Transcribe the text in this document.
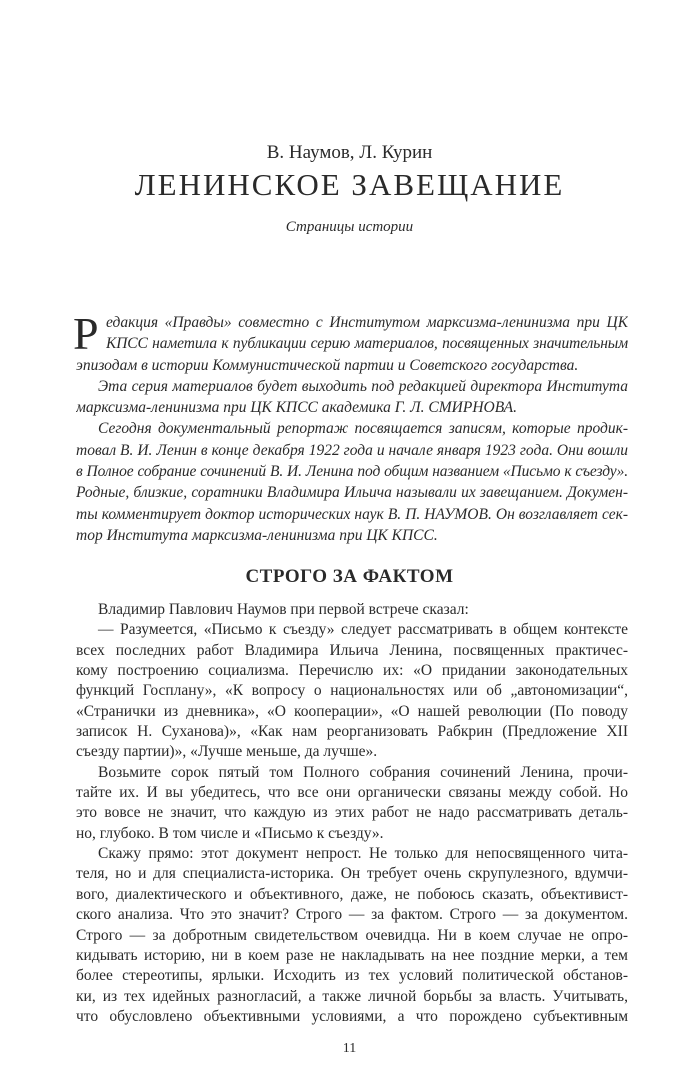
В. Наумов, Л. Курин
ЛЕНИНСКОЕ ЗАВЕЩАНИЕ
Страницы истории
Р едакция «Правды» совместно с Институтом марксизма-ленинизма при ЦК
КПСС наметила к публикации серию материалов, посвященных значительным
эпизодам в истории Коммунистической партии и Советского государства.
Эта серия материалов будет выходить под редакцией директора Института
марксизма-ленинизма при ЦК КПСС академика Г. Л. СМИРНОВА.
Сегодня документальный репортаж посвящается записям, которые продик-
товал В. И. Ленин в конце декабря 1922 года и начале января 1923 года. Они вошли
в Полное собрание сочинений В. И. Ленина под общим названием «Письмо к съезду».
Родные, близкие, соратники Владимира Ильича называли их завещанием. Докумен-
ты комментирует доктор исторических наук В. П. НАУМОВ. Он возглавляет сек-
тор Института марксизма-ленинизма при ЦК КПСС.
СТРОГО ЗА ФАКТОМ
Владимир Павлович Наумов при первой встрече сказал:
— Разумеется, «Письмо к съезду» следует рассматривать в общем контексте
всех последних работ Владимира Ильича Ленина, посвященных практичес-
кому построению социализма. Перечислю их: «О придании законодательных
функций Госплану», «К вопросу о национальностях или об „автономизации“,
«Странички из дневника», «О кооперации», «О нашей революции (По поводу
записок Н. Суханова)», «Как нам реорганизовать Рабкрин (Предложение XII
съезду партии)», «Лучше меньше, да лучше».
Возьмите сорок пятый том Полного собрания сочинений Ленина, прочи-
тайте их. И вы убедитесь, что все они органически связаны между собой. Но
это вовсе не значит, что каждую из этих работ не надо рассматривать деталь-
но, глубоко. В том числе и «Письмо к съезду».
Скажу прямо: этот документ непрост. Не только для непосвященного чита-
теля, но и для специалиста-историка. Он требует очень скрупулезного, вдумчи-
вого, диалектического и объективного, даже, не побоюсь сказать, объективист-
ского анализа. Что это значит? Строго — за фактом. Строго — за документом.
Строго — за добротным свидетельством очевидца. Ни в коем случае не опро-
кидывать историю, ни в коем разе не накладывать на нее поздние мерки, а тем
более стереотипы, ярлыки. Исходить из тех условий политической обстанов-
ки, из тех идейных разногласий, а также личной борьбы за власть. Учитывать,
что обусловлено объективными условиями, а что порождено субъективным
11
